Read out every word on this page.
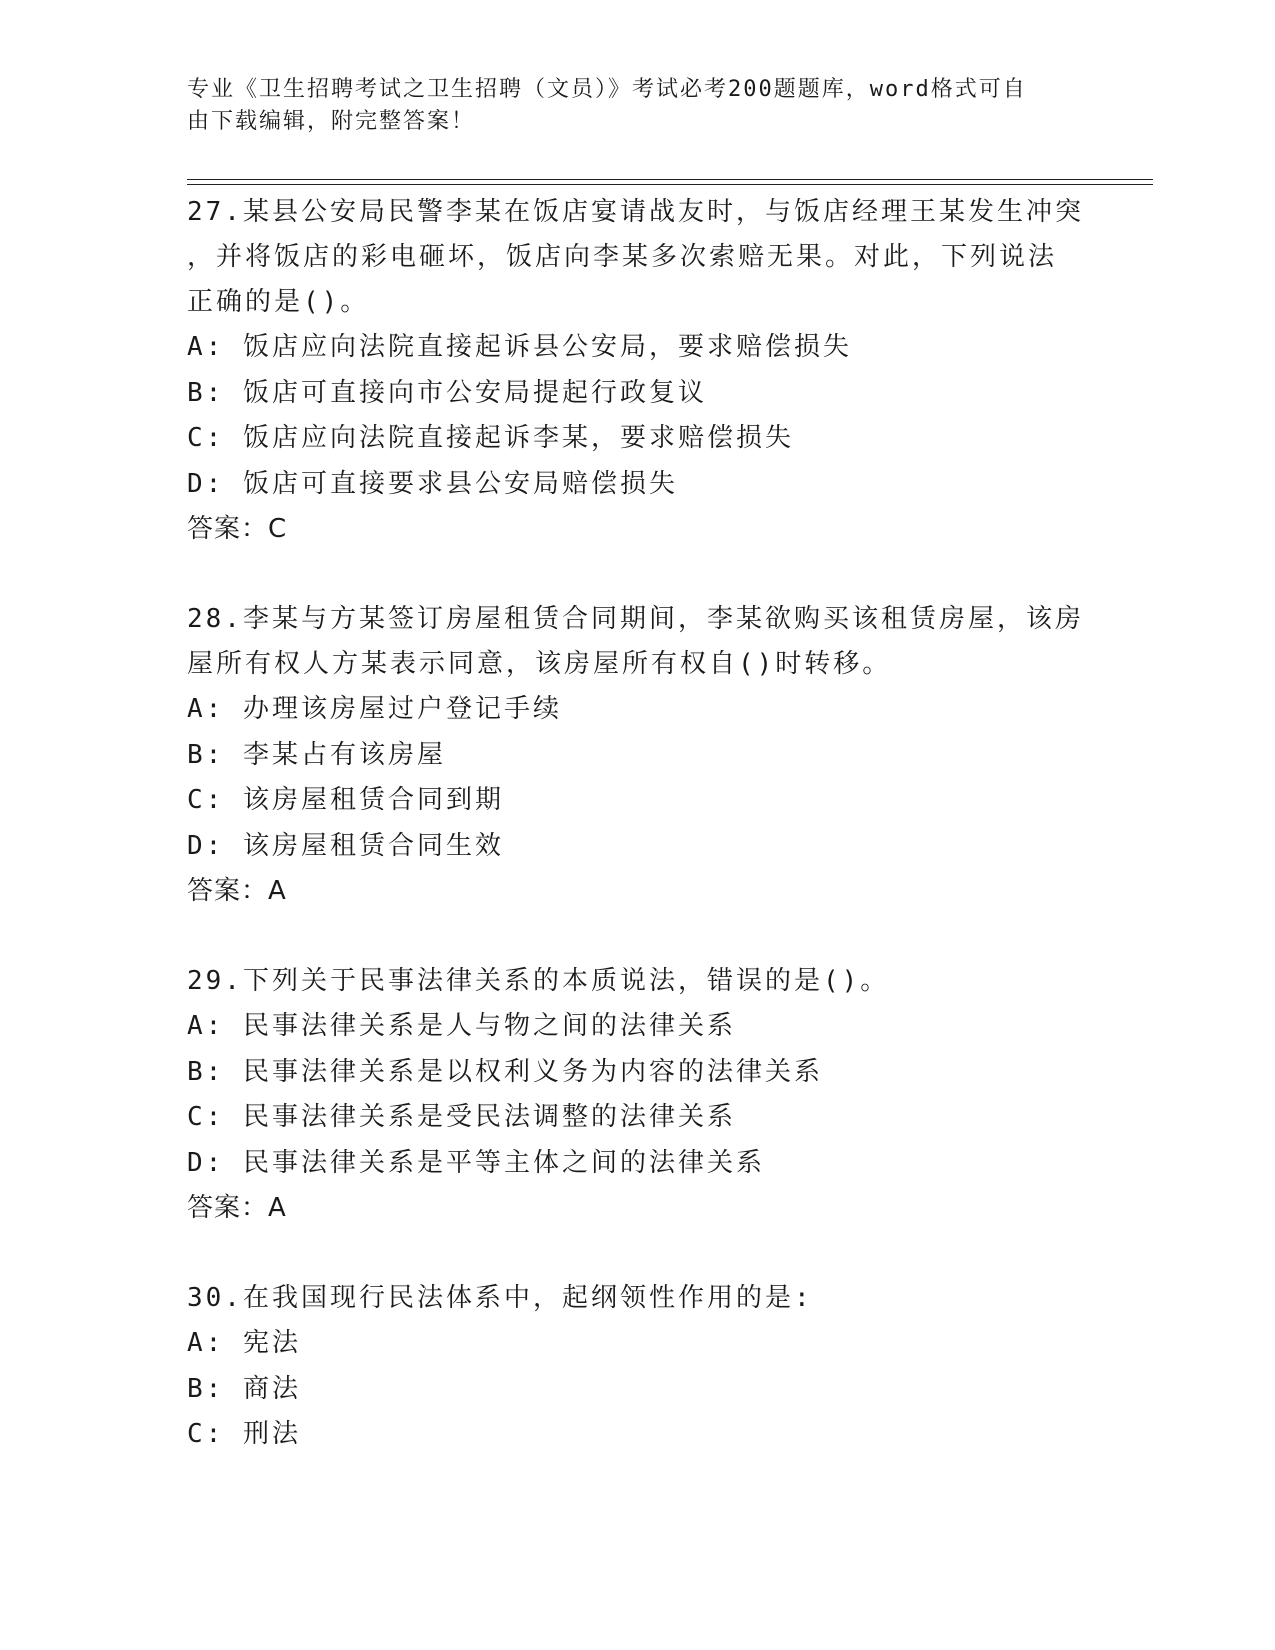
专业《卫生招聘考试之卫生招聘（文员）》考试必考200题题库，word格式可自

由下载编辑，附完整答案！

27.某县公安局民警李某在饭店宴请战友时，与饭店经理王某发生冲突

，并将饭店的彩电砸坏，饭店向李某多次索赔无果。对此，下列说法

正确的是()。

A: 饭店应向法院直接起诉县公安局，要求赔偿损失

B: 饭店可直接向市公安局提起行政复议

C: 饭店应向法院直接起诉李某，要求赔偿损失

D: 饭店可直接要求县公安局赔偿损失

答案：C

28.李某与方某签订房屋租赁合同期间，李某欲购买该租赁房屋，该房

屋所有权人方某表示同意，该房屋所有权自()时转移。

A: 办理该房屋过户登记手续

B: 李某占有该房屋

C: 该房屋租赁合同到期

D: 该房屋租赁合同生效

答案：A

29.下列关于民事法律关系的本质说法，错误的是()。

A: 民事法律关系是人与物之间的法律关系

B: 民事法律关系是以权利义务为内容的法律关系

C: 民事法律关系是受民法调整的法律关系

D: 民事法律关系是平等主体之间的法律关系

答案：A

30.在我国现行民法体系中，起纲领性作用的是:

A: 宪法

B: 商法

C: 刑法
